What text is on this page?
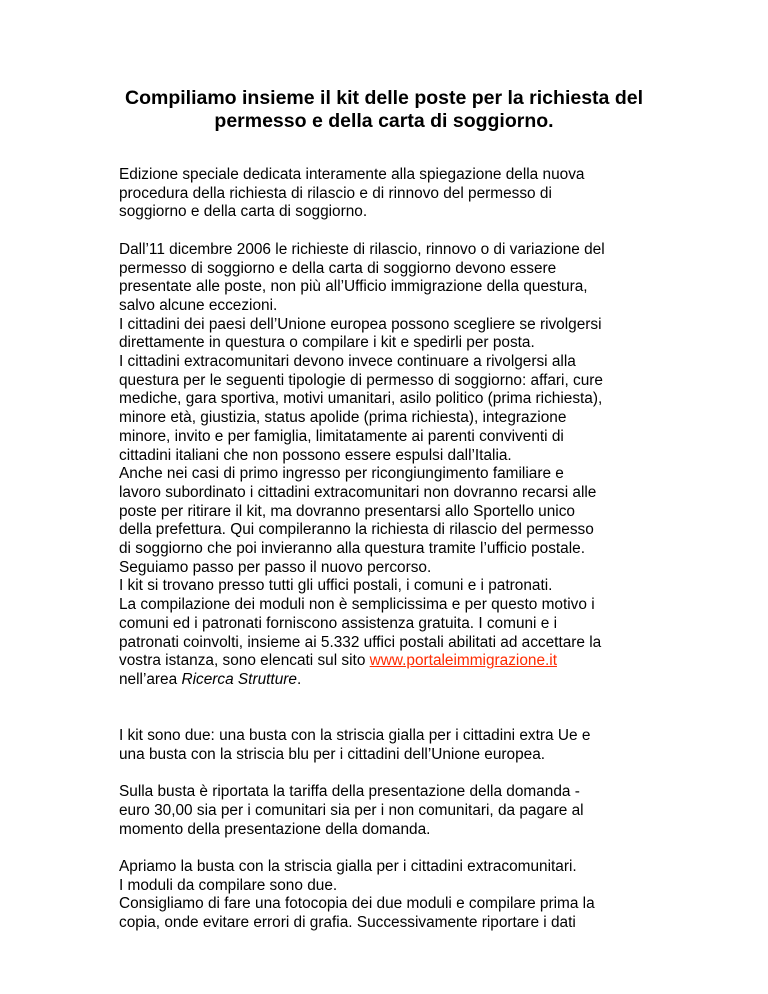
Compiliamo insieme il kit delle poste per la richiesta del permesso e della carta di soggiorno.

Edizione speciale dedicata interamente alla spiegazione della nuova
procedura della richiesta di rilascio e di rinnovo del permesso di
soggiorno e della carta di soggiorno.

Dall’11 dicembre 2006 le richieste di rilascio, rinnovo o di variazione del
permesso di soggiorno e della carta di soggiorno devono essere
presentate alle poste, non più all’Ufficio immigrazione della questura,
salvo alcune eccezioni.
I cittadini dei paesi dell’Unione europea possono scegliere se rivolgersi
direttamente in questura o compilare i kit e spedirli per posta.
I cittadini extracomunitari devono invece continuare a rivolgersi alla
questura per le seguenti tipologie di permesso di soggiorno: affari, cure
mediche, gara sportiva, motivi umanitari, asilo politico (prima richiesta),
minore età, giustizia, status apolide (prima richiesta), integrazione
minore, invito e per famiglia, limitatamente ai parenti conviventi di
cittadini italiani che non possono essere espulsi dall’Italia.
Anche nei casi di primo ingresso per ricongiungimento familiare e
lavoro subordinato i cittadini extracomunitari non dovranno recarsi alle
poste per ritirare il kit, ma dovranno presentarsi allo Sportello unico
della prefettura. Qui compileranno la richiesta di rilascio del permesso
di soggiorno che poi invieranno alla questura tramite l’ufficio postale.
Seguiamo passo per passo il nuovo percorso.
I kit si trovano presso tutti gli uffici postali, i comuni e i patronati.
La compilazione dei moduli non è semplicissima e per questo motivo i
comuni ed i patronati forniscono assistenza gratuita. I comuni e i
patronati coinvolti, insieme ai 5.332 uffici postali abilitati ad accettare la
vostra istanza, sono elencati sul sito www.portaleimmigrazione.it
nell’area Ricerca Strutture.

I kit sono due: una busta con la striscia gialla per i cittadini extra Ue e
una busta con la striscia blu per i cittadini dell’Unione europea.

Sulla busta è riportata la tariffa della presentazione della domanda -
euro 30,00 sia per i comunitari sia per i non comunitari, da pagare al
momento della presentazione della domanda.

Apriamo la busta con la striscia gialla per i cittadini extracomunitari.
I moduli da compilare sono due.
Consigliamo di fare una fotocopia dei due moduli e compilare prima la
copia, onde evitare errori di grafia. Successivamente riportare i dati
